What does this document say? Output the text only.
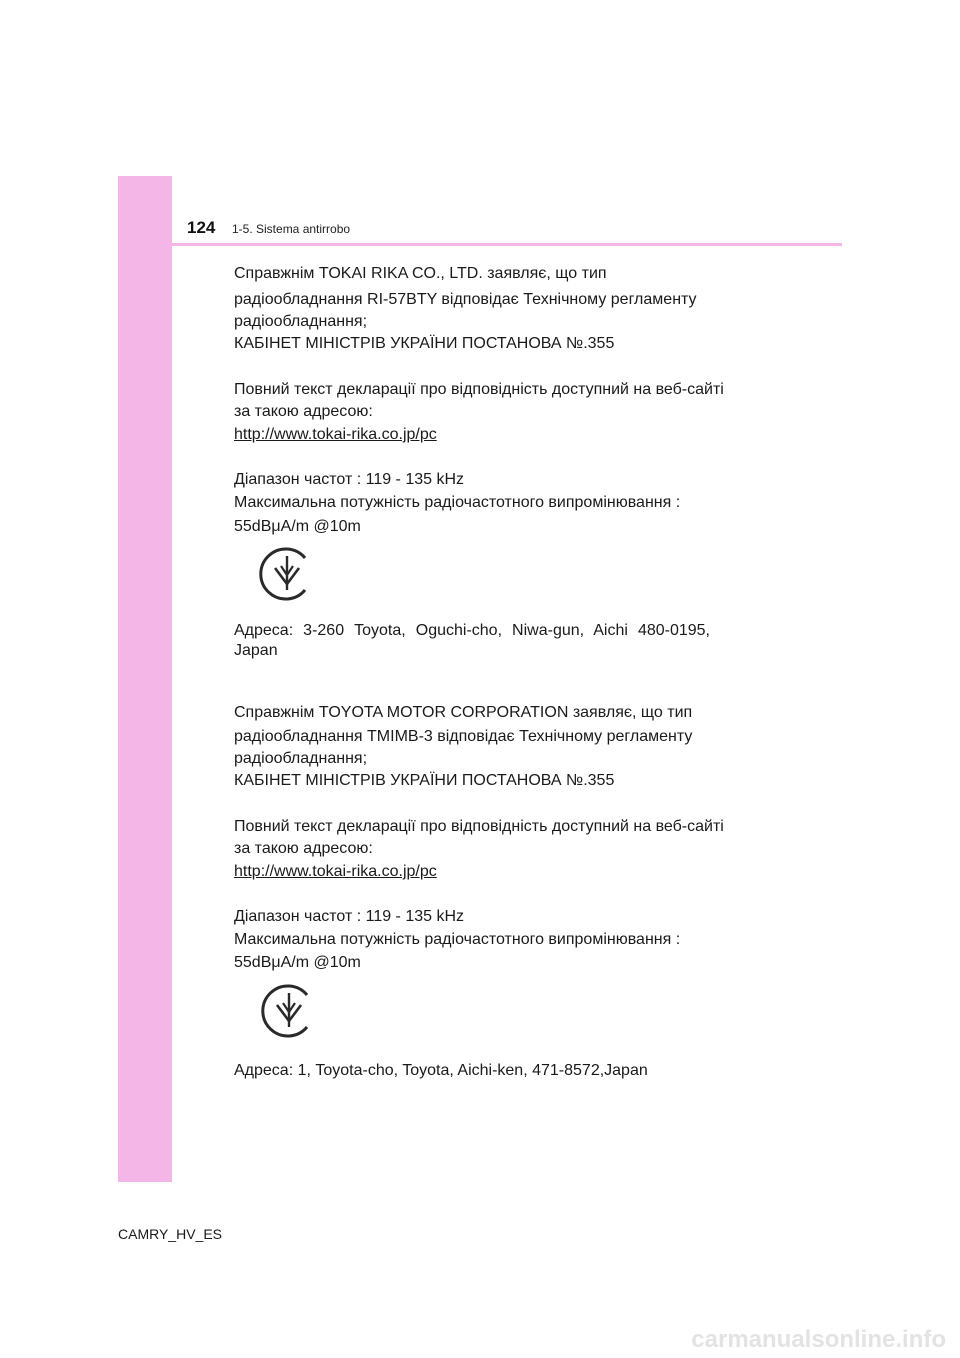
124 1-5. Sistema antirrobo
Справжнім TOKAI RIKA CO., LTD. заявляє, що тип
радіообладнання RI-57BTY відповідає Технічному регламенту
радіообладнання;
КАБІНЕТ МІНІСТРІВ УКРАЇНИ ПОСТАНОВА №.355
Повний текст декларації про відповідність доступний на веб-сайті
за такою адресою:
http://www.tokai-rika.co.jp/pc
Діапазон частот : 119 - 135 kHz
Максимальна потужність радіочастотного випромінювання :
55dBμA/m @10m
Адреса: 3-260 Toyota, Oguchi-cho, Niwa-gun, Aichi 480-0195,
Japan
Справжнім TOYOTA MOTOR CORPORATION заявляє, що тип
радіообладнання TMIMB-3 відповідає Технічному регламенту
радіообладнання;
КАБІНЕТ МІНІСТРІВ УКРАЇНИ ПОСТАНОВА №.355
Повний текст декларації про відповідність доступний на веб-сайті
за такою адресою:
http://www.tokai-rika.co.jp/pc
Діапазон частот : 119 - 135 kHz
Максимальна потужність радіочастотного випромінювання :
55dBμA/m @10m
Адреса: 1, Toyota-cho, Toyota, Aichi-ken, 471-8572,Japan
CAMRY_HV_ES
carmanualsonline.info
